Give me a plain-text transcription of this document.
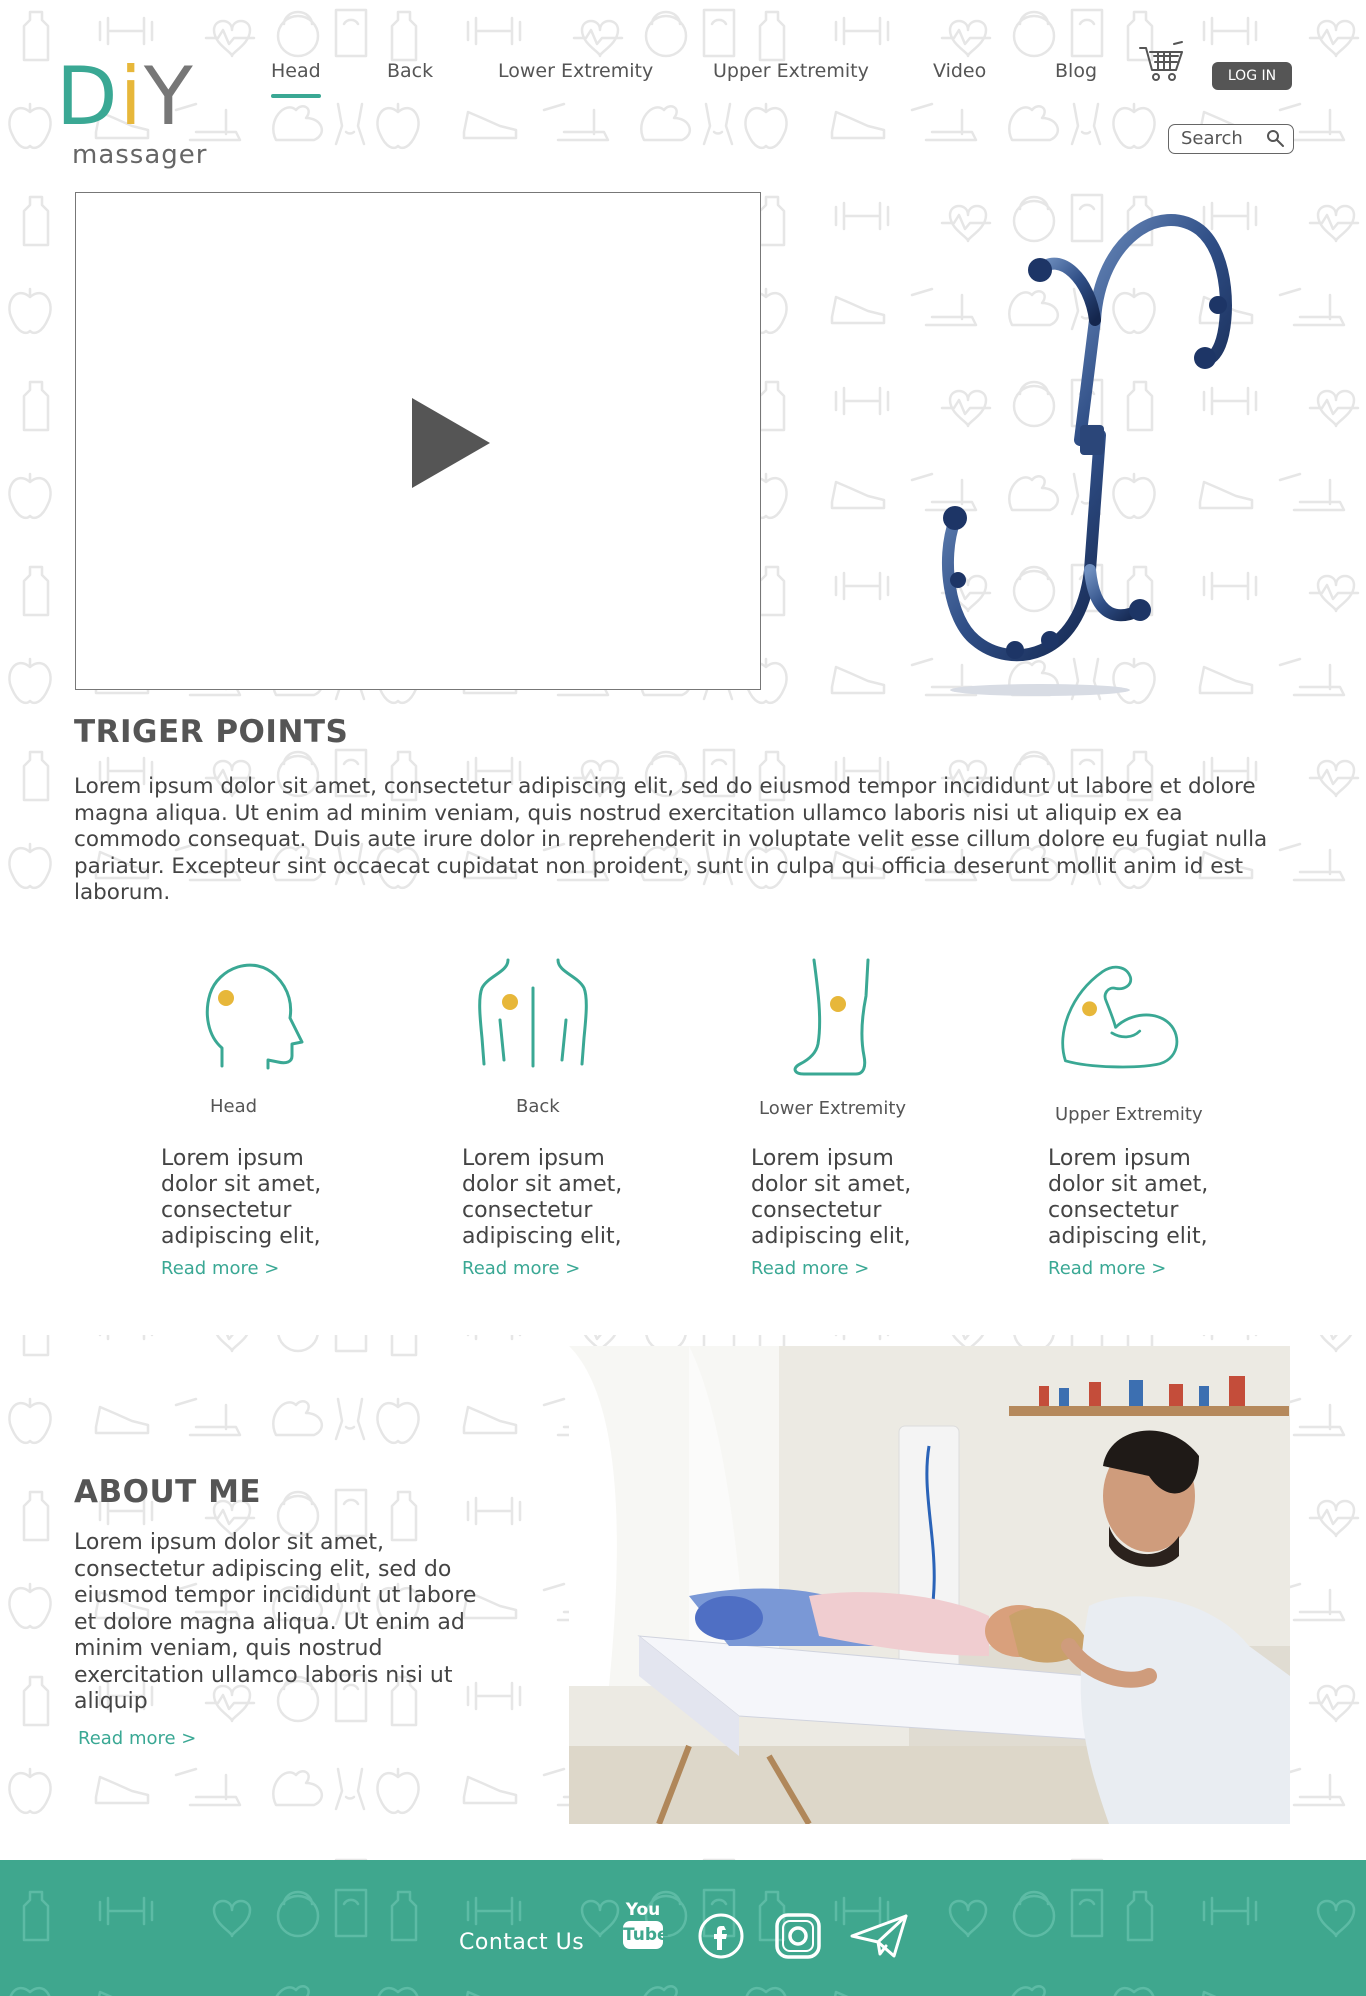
DiY
massager
Head	Back	Lower Extremity	Upper Extremity	Video	Blog	LOG IN
Search
TRIGER POINTS

Lorem ipsum dolor sit amet, consectetur adipiscing elit, sed do eiusmod tempor incididunt ut labore et dolore magna aliqua. Ut enim ad minim veniam, quis nostrud exercitation ullamco laboris nisi ut aliquip ex ea commodo consequat. Duis aute irure dolor in reprehenderit in voluptate velit esse cillum dolore eu fugiat nulla pariatur. Excepteur sint occaecat cupidatat non proident, sunt in culpa qui officia deserunt mollit anim id est laborum.

Head
Lorem ipsum dolor sit amet, consectetur adipiscing elit,
Read more >
Back
Lorem ipsum dolor sit amet, consectetur adipiscing elit,
Read more >
Lower Extremity
Lorem ipsum dolor sit amet, consectetur adipiscing elit,
Read more >
Upper Extremity
Lorem ipsum dolor sit amet, consectetur adipiscing elit,
Read more >
ABOUT ME

Lorem ipsum dolor sit amet, consectetur adipiscing elit, sed do eiusmod tempor incididunt ut labore et dolore magna aliqua. Ut enim ad minim veniam, quis nostrud exercitation ullamco laboris nisi ut aliquip

Read more >
Contact Us
You
Tube
